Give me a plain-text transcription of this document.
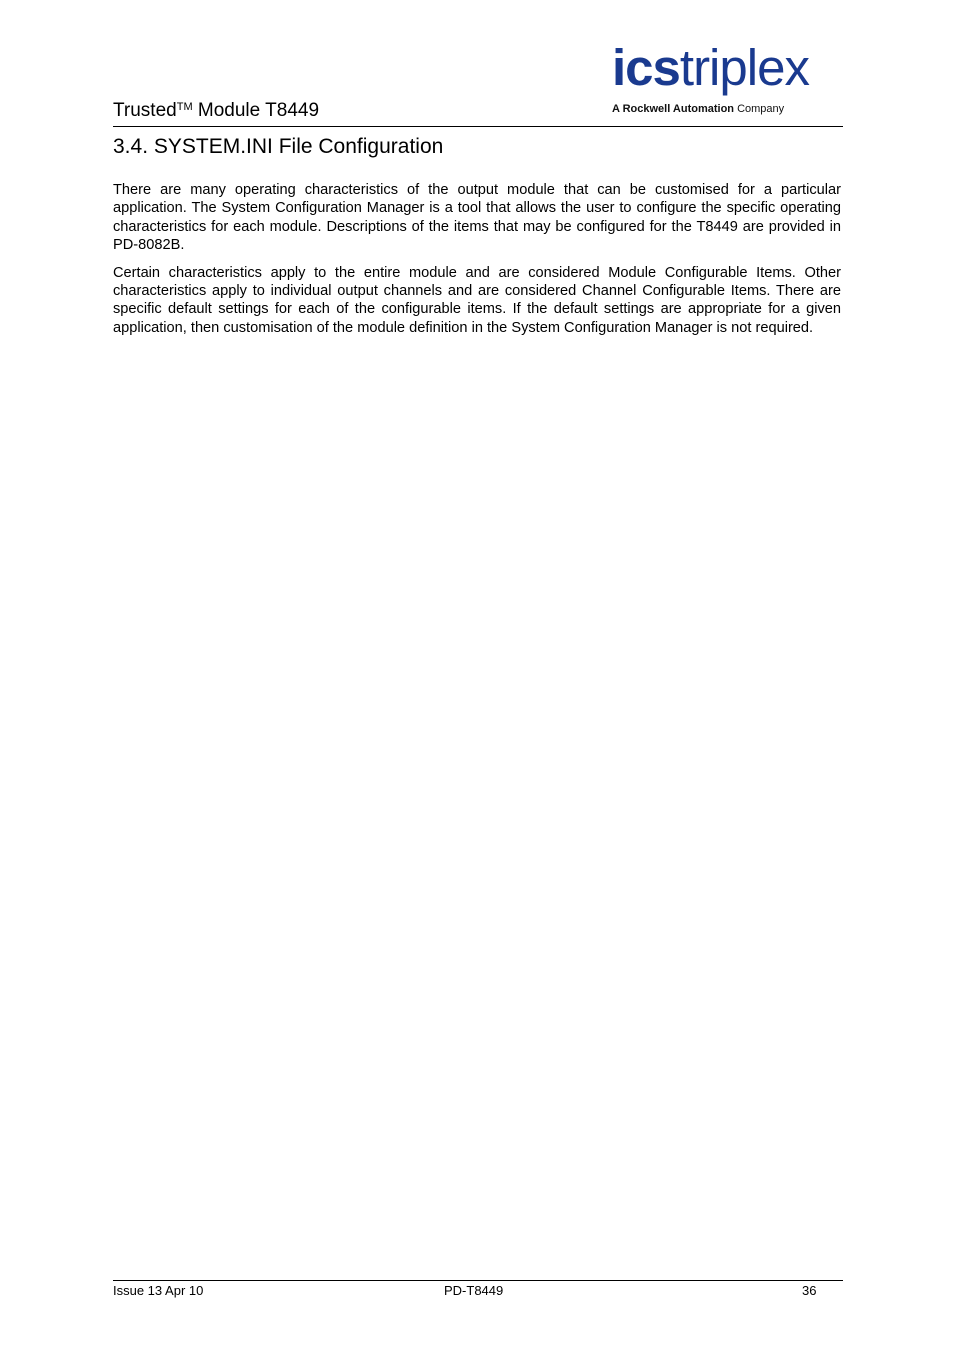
Trusted™ Module T8449
icstriplex
A Rockwell Automation Company
3.4. SYSTEM.INI File Configuration

There are many operating characteristics of the output module that can be customised for a particular application. The System Configuration Manager is a tool that allows the user to configure the specific operating characteristics for each module. Descriptions of the items that may be configured for the T8449 are provided in PD-8082B.

Certain characteristics apply to the entire module and are considered Module Configurable Items. Other characteristics apply to individual output channels and are considered Channel Configurable Items. There are specific default settings for each of the configurable items. If the default settings are appropriate for a given application, then customisation of the module definition in the System Configuration Manager is not required.

Issue 13 Apr 10	PD-T8449	36
